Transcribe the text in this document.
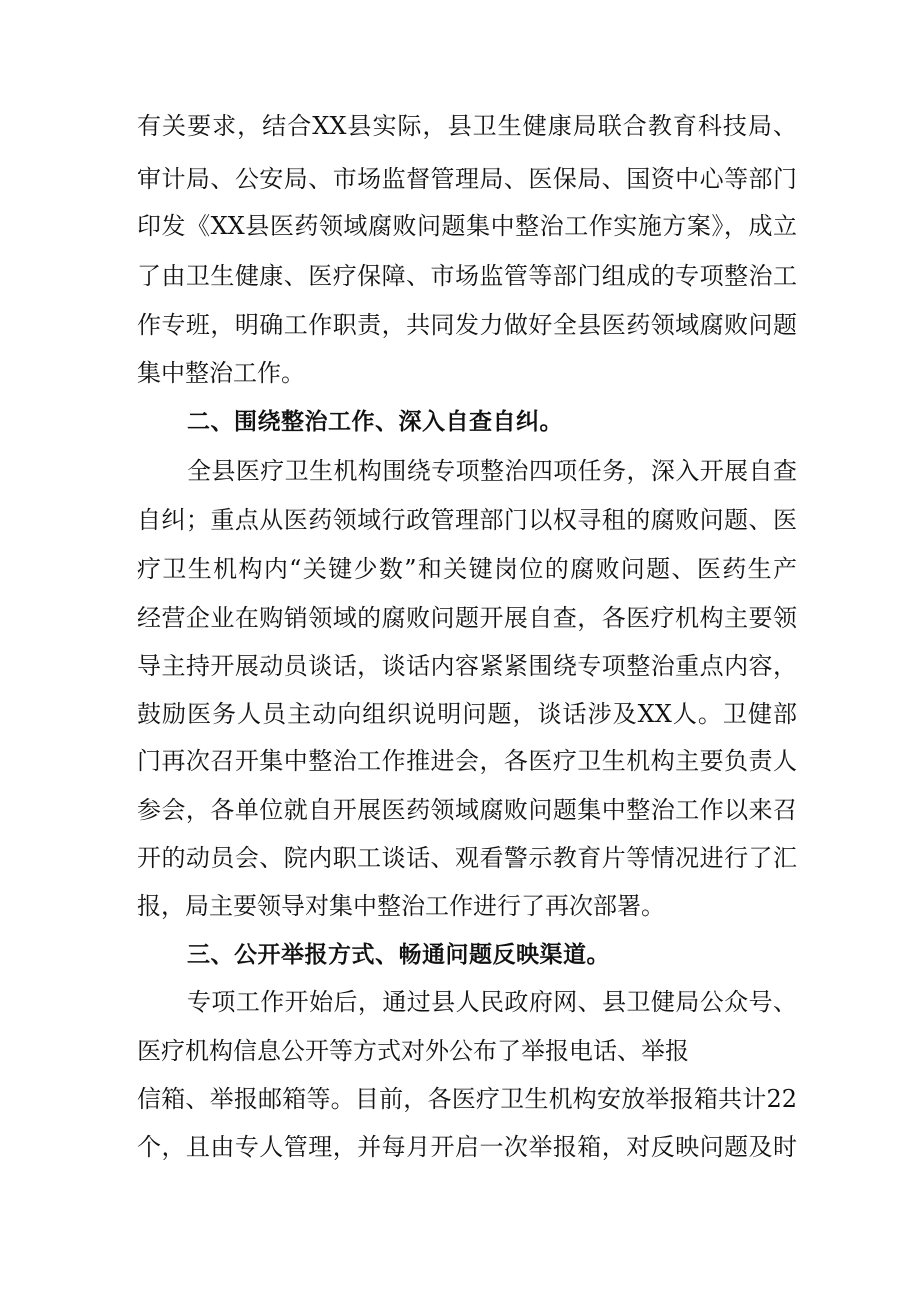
有关要求，结合XX县实际，县卫生健康局联合教育科技局、

审计局、公安局、市场监督管理局、医保局、国资中心等部门

印发《XX县医药领域腐败问题集中整治工作实施方案》，成立

了由卫生健康、医疗保障、市场监管等部门组成的专项整治工

作专班，明确工作职责，共同发力做好全县医药领域腐败问题

集中整治工作。

二、围绕整治工作、深入自查自纠。

全县医疗卫生机构围绕专项整治四项任务，深入开展自查

自纠；重点从医药领域行政管理部门以权寻租的腐败问题、医

疗卫生机构内“关键少数”和关键岗位的腐败问题、医药生产

经营企业在购销领域的腐败问题开展自查，各医疗机构主要领

导主持开展动员谈话，谈话内容紧紧围绕专项整治重点内容，

鼓励医务人员主动向组织说明问题，谈话涉及XX人。卫健部

门再次召开集中整治工作推进会，各医疗卫生机构主要负责人

参会，各单位就自开展医药领域腐败问题集中整治工作以来召

开的动员会、院内职工谈话、观看警示教育片等情况进行了汇

报，局主要领导对集中整治工作进行了再次部署。

三、公开举报方式、畅通问题反映渠道。

专项工作开始后，通过县人民政府网、县卫健局公众号、

医疗机构信息公开等方式对外公布了举报电话、举报

信箱、举报邮箱等。目前，各医疗卫生机构安放举报箱共计22

个，且由专人管理，并每月开启一次举报箱，对反映问题及时
